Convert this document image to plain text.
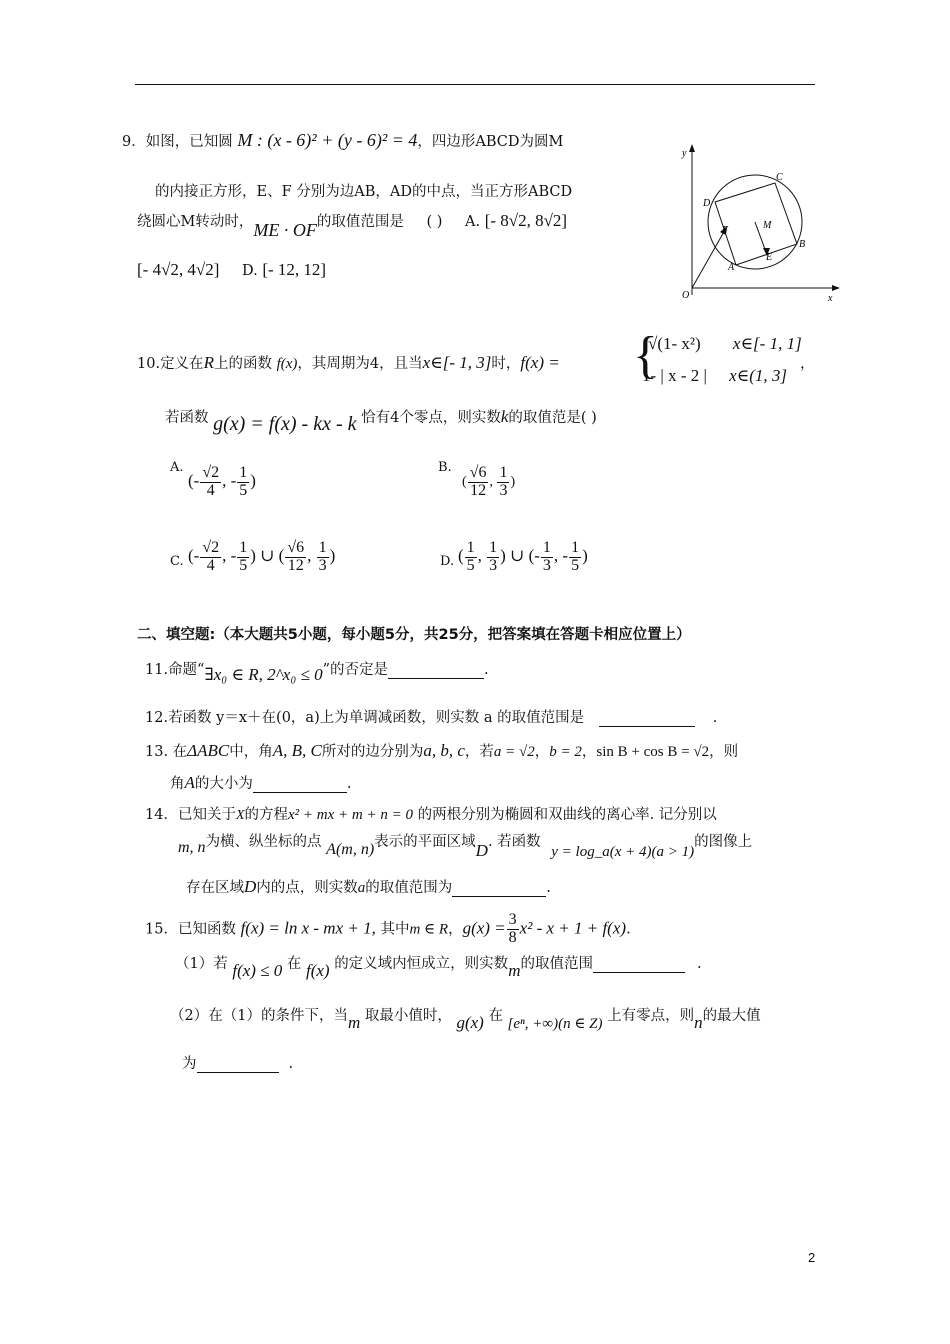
9．如图，已知圆 M : (x - 6)² + (y - 6)² = 4，四边形ABCD为圆M
的内接正方形，E、F 分别为边AB，AD的中点，当正方形ABCD
绕圆心M转动时，ME · OF的取值范围是 ( ) A. [- 8√2, 8√2]
[- 4√2, 4√2] D. [- 12, 12]
y
C
D
M
F
B
A
E
O	x
10.定义在R上的函数 f(x)，其周期为4，且当x∈[- 1, 3]时，f(x) = {
√(1- x²) x∈[- 1, 1]
1- | x - 2 | x∈(1, 3]
，
若函数 g(x) = f(x) - kx - k 恰有4个零点，则实数k的取值范是( )
A.
(- $\frac{√2}{4}$ , - $\frac{1}{5}$ )
B.
( $\frac{√6}{12}$ , $\frac{1}{3}$ )
C. (- $\frac{√2}{4}$ , - $\frac{1}{5}$ ) ∪ ( $\frac{√6}{12}$ , $\frac{1}{3}$ )	D. ( $\frac{1}{5}$ , $\frac{1}{3}$ ) ∪ (- $\frac{1}{3}$ , - $\frac{1}{5}$ )
二、填空题:（本大题共5小题，每小题5分，共25分，把答案填在答题卡相应位置上）
11.命题“∃x₀ ∈ R, 2^x₀ ≤ 0”的否定是	.
12.若函数 y＝x＋在(0，a)上为单调减函数，则实数 a 的取值范围是	.
13. 在ΔABC中，角A, B, C所对的边分别为a, b, c，若a = √2，b = 2，sin B + cos B = √2，则
角A的大小为	.
14．已知关于X的方程x² + mx + m + n = 0 的两根分别为椭圆和双曲线的离心率. 记分别以
m, n为横、纵坐标的点 A(m, n)表示的平面区域D. 若函数 y = log_a(x + 4)(a > 1)的图像上
存在区域D内的点，则实数a的取值范围为	.
15．已知函数 f(x) = ln x - mx + 1, 其中m ∈ R，$g(x) = \frac{3}{8} x^2 - x + 1 + f(x)$.
（1）若 f(x) ≤ 0 在 f(x) 的定义域内恒成立，则实数m的取值范围	.
（2）在（1）的条件下，当m 取最小值时， g(x) 在 [eⁿ, +∞)(n ∈ Z) 上有零点，则n的最大值
为	.
2
